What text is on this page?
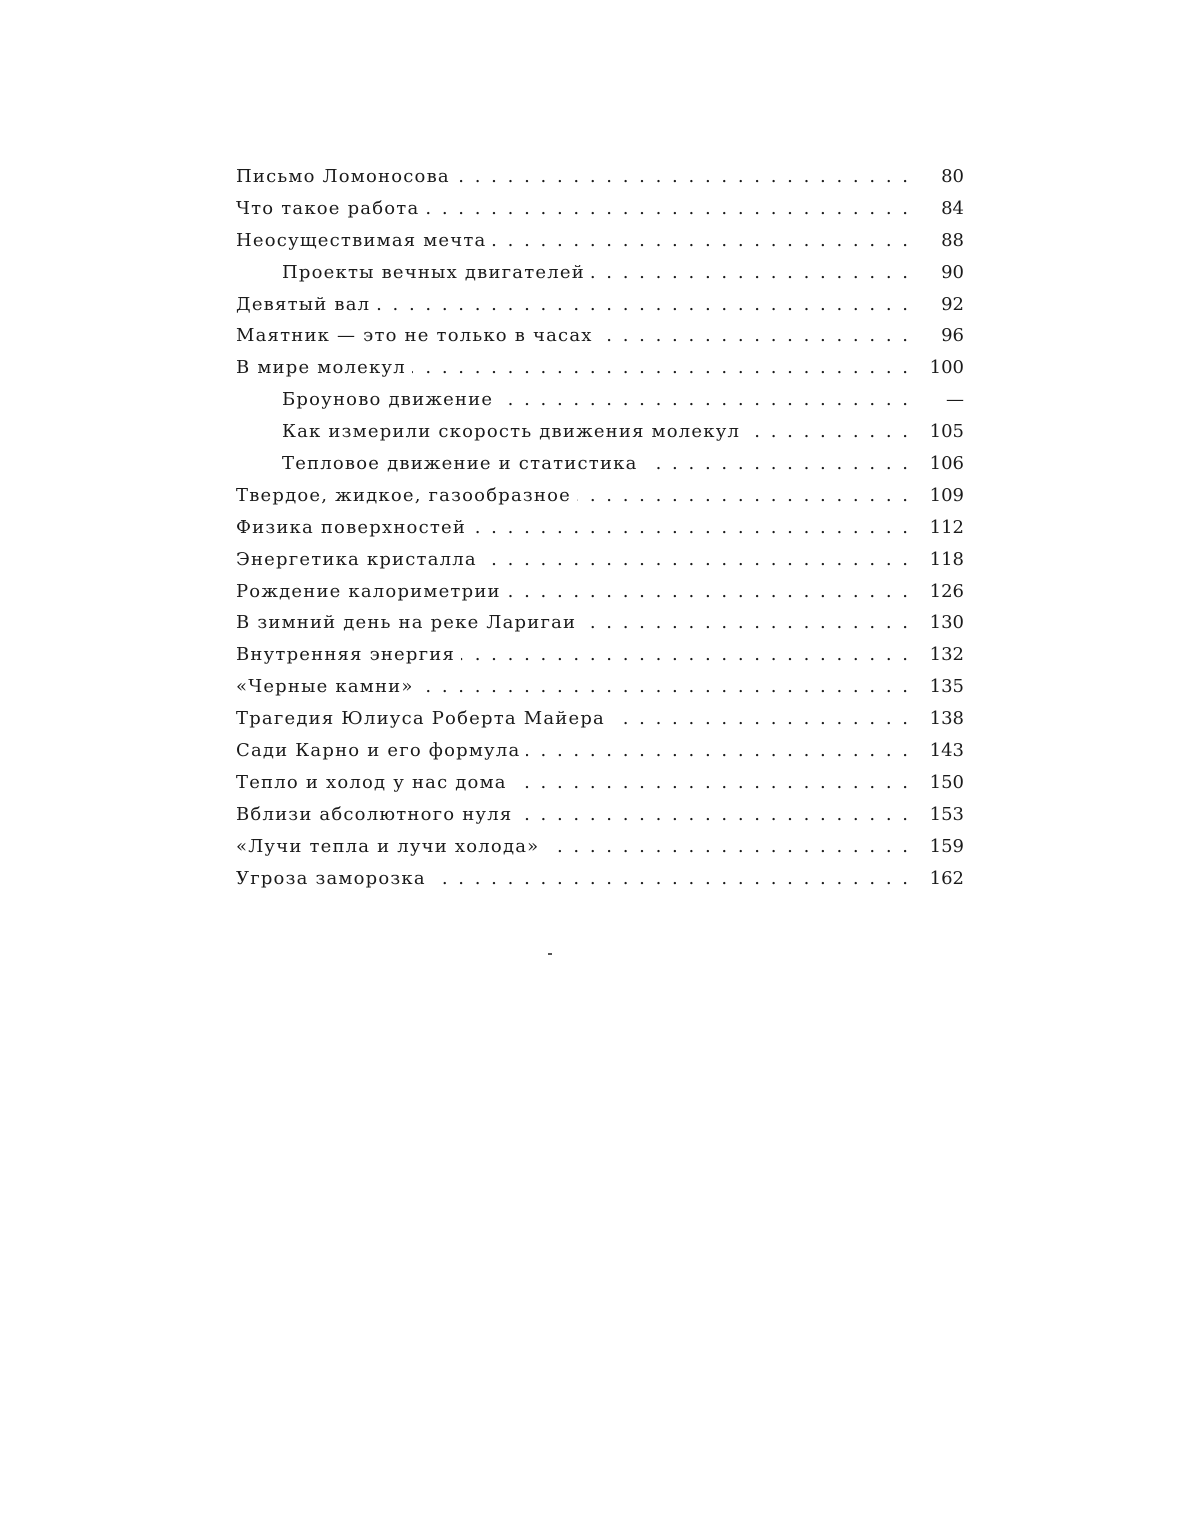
Письмо Ломоносова . . .	80
Что такое работа . . .	84
Неосуществимая мечта . . .	88
Проекты вечных двигателей . . .	90
Девятый вал . . .	92
Маятник — это не только в часах . . .	96
В мире молекул . . .	100
Броуново движение . . .	—
Как измерили скорость движения молекул . . .	105
Тепловое движение и статистика . . .	106
Твердое, жидкое, газообразное . . .	109
Физика поверхностей . . .	112
Энергетика кристалла . . .	118
Рождение калориметрии . . .	126
В зимний день на реке Ларигаи . . .	130
Внутренняя энергия . . .	132
«Черные камни» . . .	135
Трагедия Юлиуса Роберта Майера . . .	138
Сади Карно и его формула . . .	143
Тепло и холод у нас дома . . .	150
Вблизи абсолютного нуля . . .	153
«Лучи тепла и лучи холода» . . .	159
Угроза заморозка . . .	162
